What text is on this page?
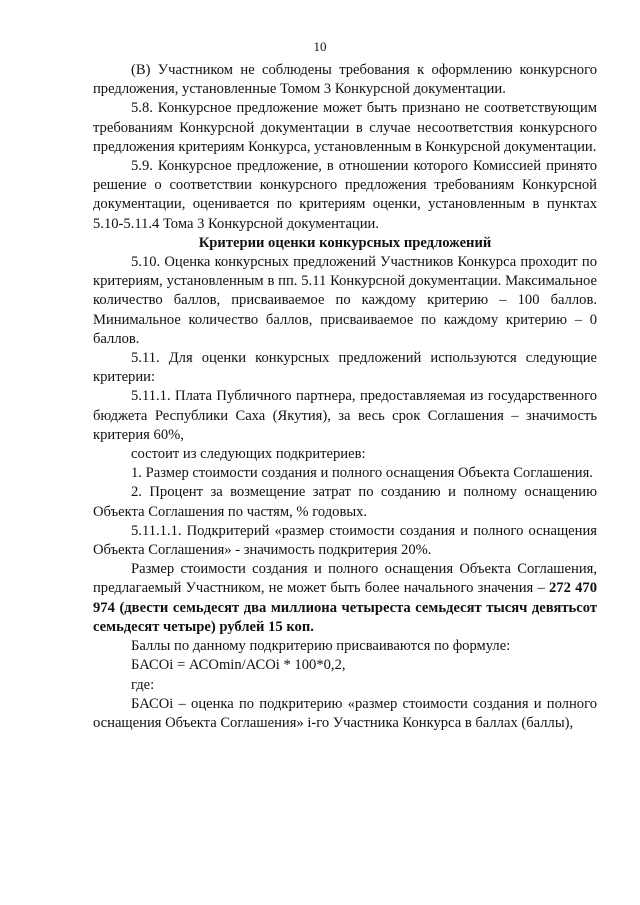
10

(В) Участником не соблюдены требования к оформлению конкурсного предложения, установленные Томом 3 Конкурсной документации.

5.8. Конкурсное предложение может быть признано не соответствующим требованиям Конкурсной документации в случае несоответствия конкурсного предложения критериям Конкурса, установленным в Конкурсной документации.

5.9. Конкурсное предложение, в отношении которого Комиссией принято решение о соответствии конкурсного предложения требованиям Конкурсной документации, оценивается по критериям оценки, установленным в пунктах 5.10-5.11.4 Тома 3 Конкурсной документации.

Критерии оценки конкурсных предложений

5.10. Оценка конкурсных предложений Участников Конкурса проходит по критериям, установленным в пп. 5.11 Конкурсной документации. Максимальное количество баллов, присваиваемое по каждому критерию – 100 баллов. Минимальное количество баллов, присваиваемое по каждому критерию – 0 баллов.

5.11. Для оценки конкурсных предложений используются следующие критерии:

5.11.1. Плата Публичного партнера, предоставляемая из государственного бюджета Республики Саха (Якутия), за весь срок Соглашения – значимость критерия 60%,

состоит из следующих подкритериев:

1. Размер стоимости создания и полного оснащения Объекта Соглашения.

2. Процент за возмещение затрат по созданию и полному оснащению Объекта Соглашения по частям, % годовых.

5.11.1.1. Подкритерий «размер стоимости создания и полного оснащения Объекта Соглашения» - значимость подкритерия 20%.

Размер стоимости создания и полного оснащения Объекта Соглашения, предлагаемый Участником, не может быть более начального значения – 272 470 974 (двести семьдесят два миллиона четыреста семьдесят тысяч девятьсот семьдесят четыре) рублей 15 коп.

Баллы по данному подкритерию присваиваются по формуле:

БАСОi = АСОmin/АСОi * 100*0,2,

где:

БАСОi – оценка по подкритерию «размер стоимости создания и полного оснащения Объекта Соглашения» i-го Участника Конкурса в баллах (баллы),
